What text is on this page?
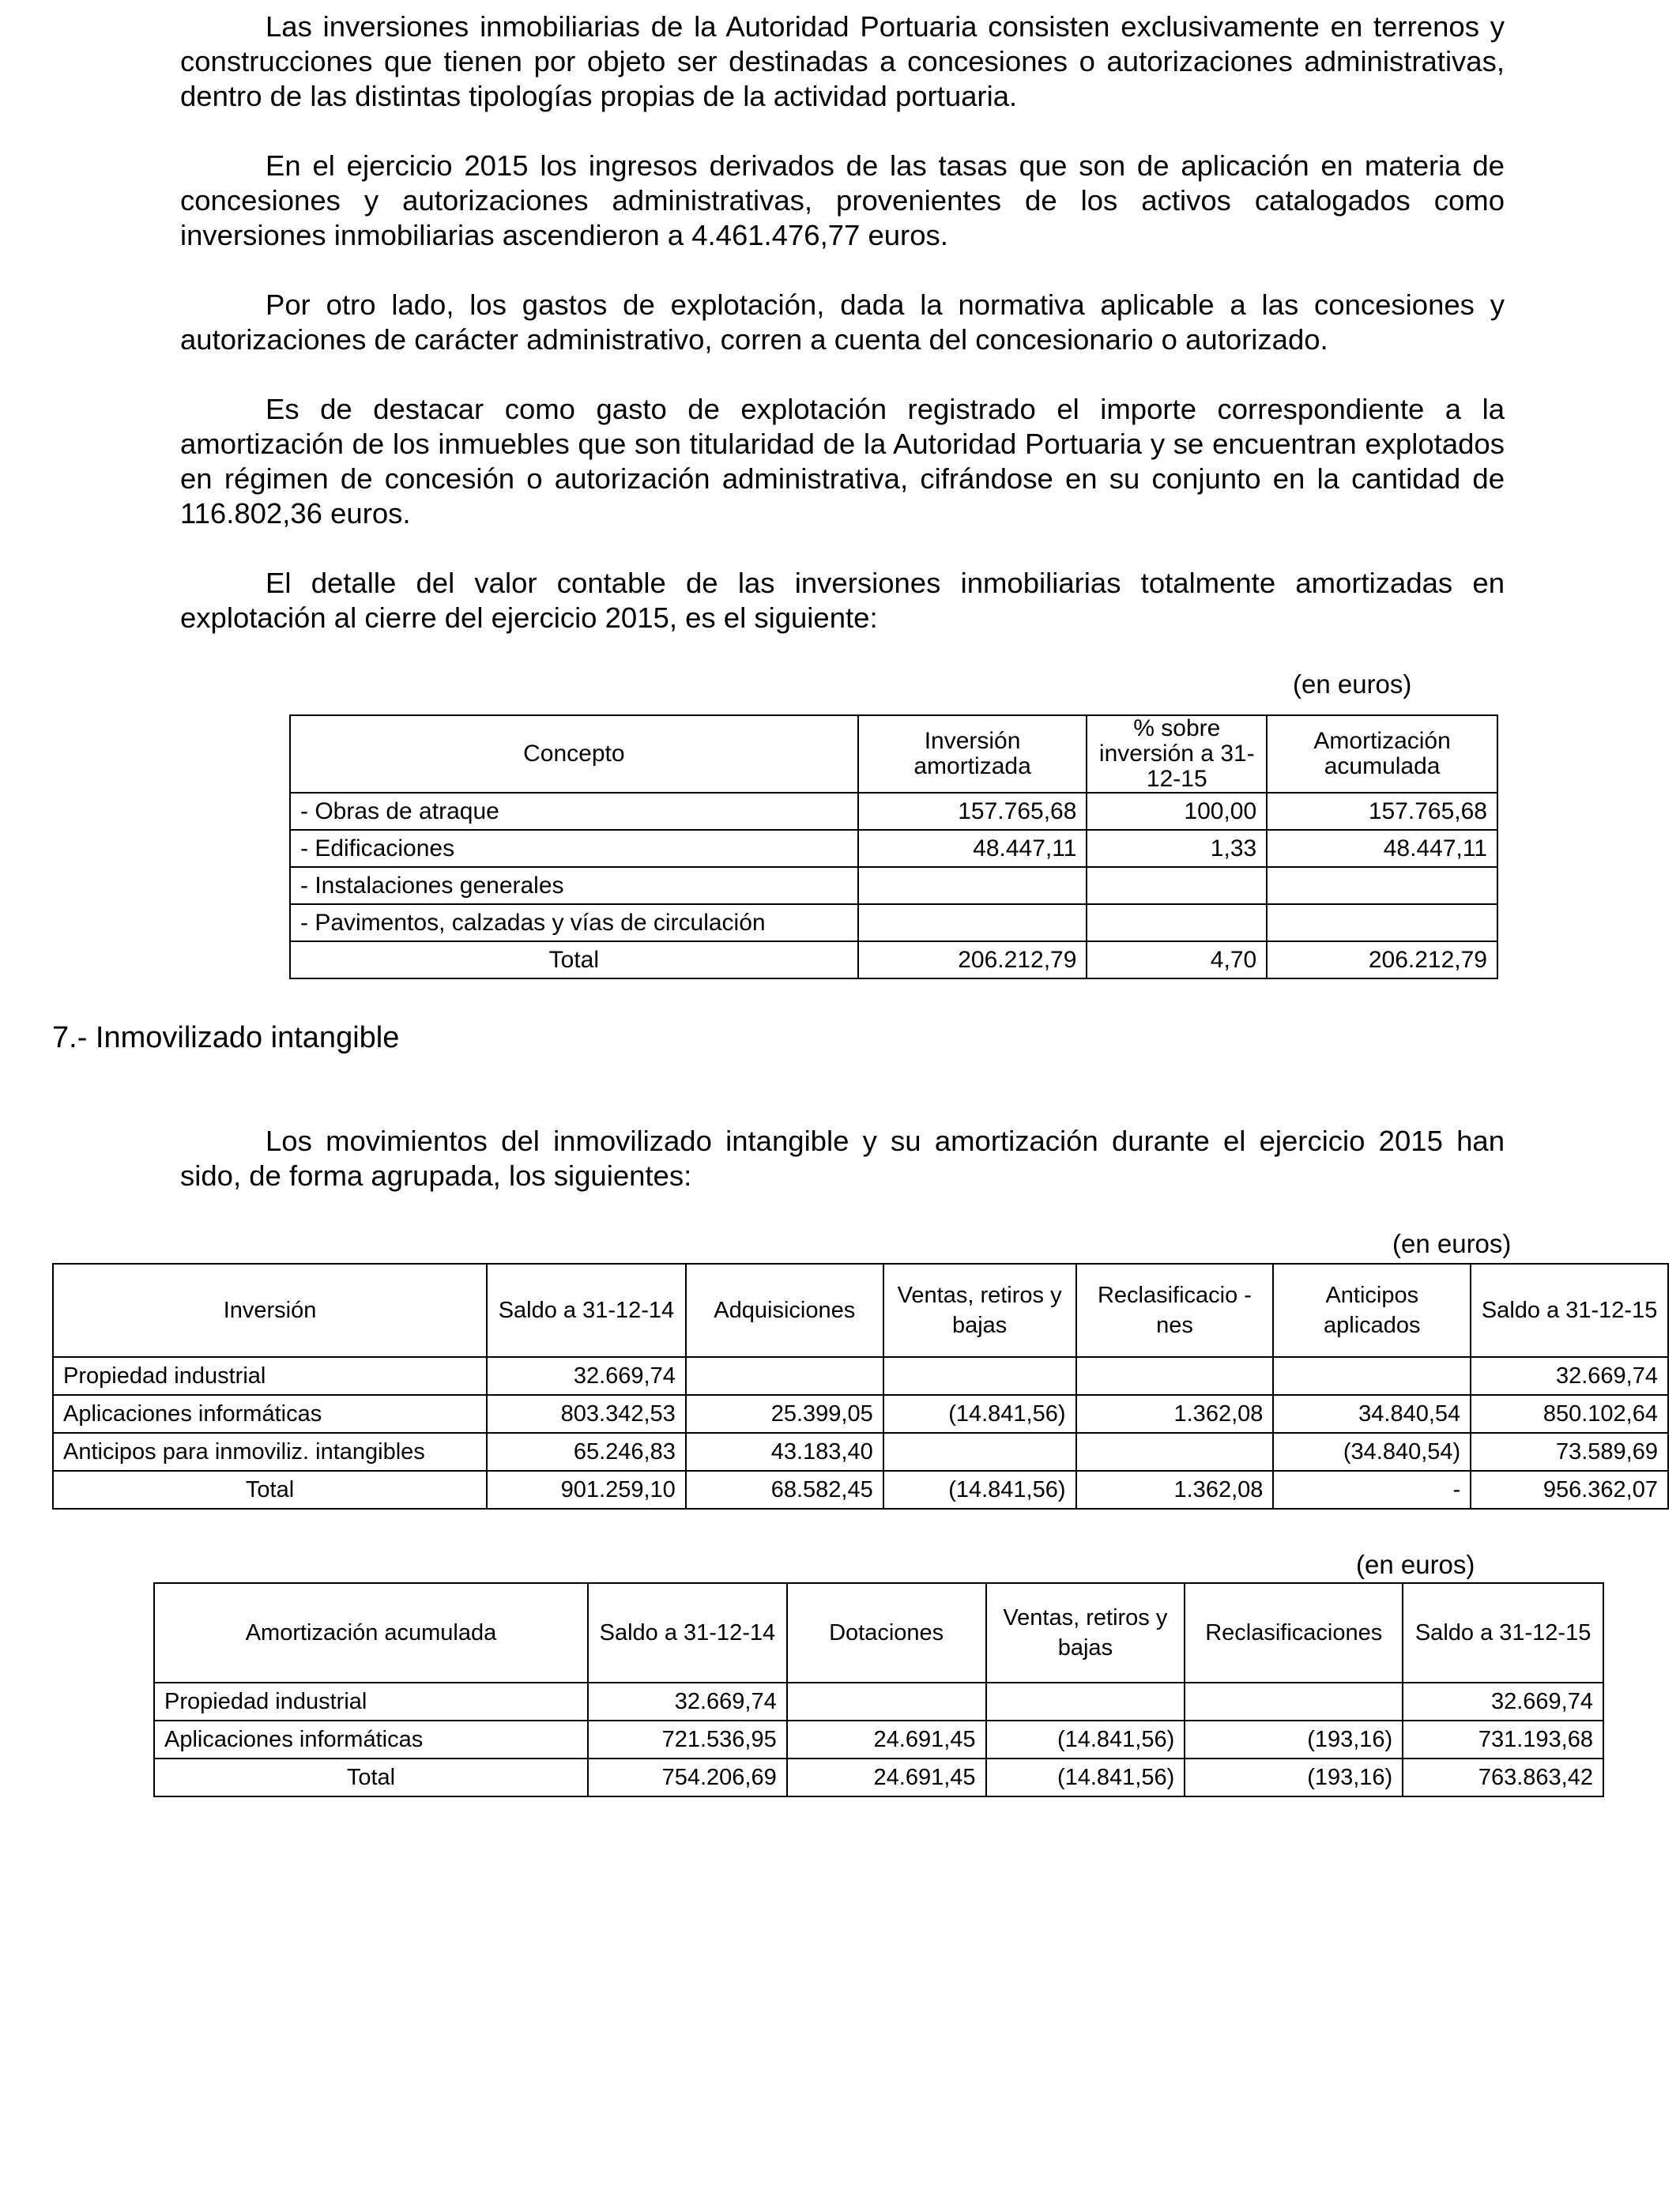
Las inversiones inmobiliarias de la Autoridad Portuaria consisten exclusivamente en terrenos y construcciones que tienen por objeto ser destinadas a concesiones o autorizaciones administrativas, dentro de las distintas tipologías propias de la actividad portuaria.

En el ejercicio 2015 los ingresos derivados de las tasas que son de aplicación en materia de concesiones y autorizaciones administrativas, provenientes de los activos catalogados como inversiones inmobiliarias ascendieron a 4.461.476,77 euros.

Por otro lado, los gastos de explotación, dada la normativa aplicable a las concesiones y autorizaciones de carácter administrativo, corren a cuenta del concesionario o autorizado.

Es de destacar como gasto de explotación registrado el importe correspondiente a la amortización de los inmuebles que son titularidad de la Autoridad Portuaria y se encuentran explotados en régimen de concesión o autorización administrativa, cifrándose en su conjunto en la cantidad de 116.802,36 euros.

El detalle del valor contable de las inversiones inmobiliarias totalmente amortizadas en explotación al cierre del ejercicio 2015, es el siguiente:

(en euros)
Concepto	Inversión amortizada	% sobre inversión a 31-12-15	Amortización acumulada
- Obras de atraque	157.765,68	100,00	157.765,68
- Edificaciones	48.447,11	1,33	48.447,11
- Instalaciones generales			
- Pavimentos, calzadas y vías de circulación			
Total	206.212,79	4,70	206.212,79
7.- Inmovilizado intangible

Los movimientos del inmovilizado intangible y su amortización durante el ejercicio 2015 han sido, de forma agrupada, los siguientes:

(en euros)
Inversión	Saldo a 31-12-14	Adquisiciones	Ventas, retiros y bajas	Reclasificacio - nes	Anticipos aplicados	Saldo a 31-12-15
Propiedad industrial	32.669,74					32.669,74
Aplicaciones informáticas	803.342,53	25.399,05	(14.841,56)	1.362,08	34.840,54	850.102,64
Anticipos para inmoviliz. intangibles	65.246,83	43.183,40			(34.840,54)	73.589,69
Total	901.259,10	68.582,45	(14.841,56)	1.362,08	-	956.362,07
(en euros)
Amortización acumulada	Saldo a 31-12-14	Dotaciones	Ventas, retiros y bajas	Reclasificaciones	Saldo a 31-12-15
Propiedad industrial	32.669,74				32.669,74
Aplicaciones informáticas	721.536,95	24.691,45	(14.841,56)	(193,16)	731.193,68
Total	754.206,69	24.691,45	(14.841,56)	(193,16)	763.863,42
